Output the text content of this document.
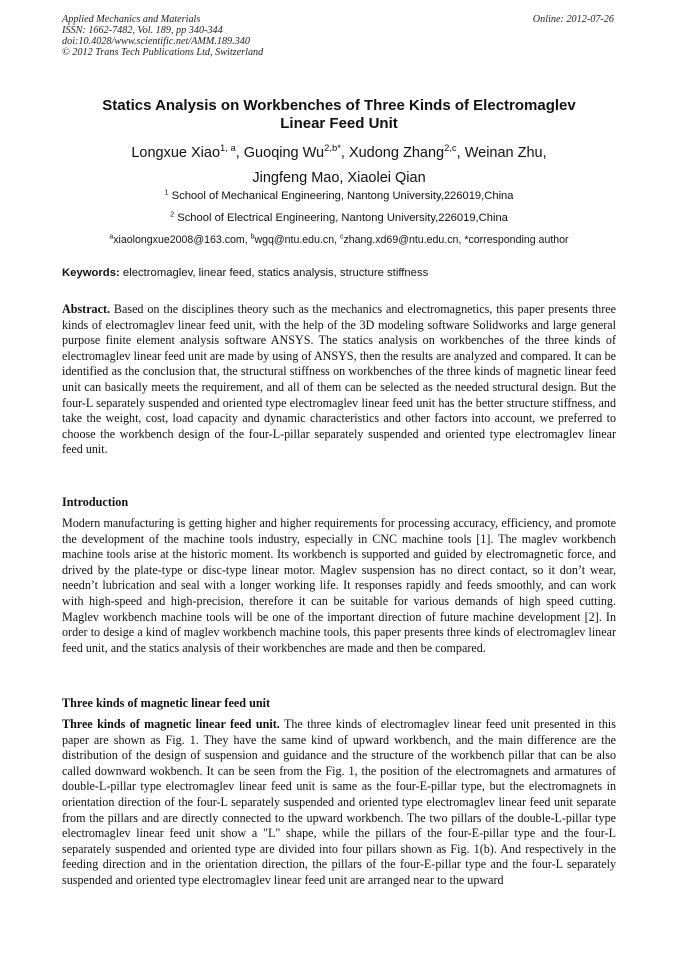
Applied Mechanics and Materials
ISSN: 1662-7482, Vol. 189, pp 340-344
doi:10.4028/www.scientific.net/AMM.189.340
© 2012 Trans Tech Publications Ltd, Switzerland
Online: 2012-07-26
Statics Analysis on Workbenches of Three Kinds of Electromaglev
Linear Feed Unit
Longxue Xiao$^{1, a}$, Guoqing $Wu^{2,b*}$, Xudong Zhang$^{2,c}$, Weinan Zhu,
Jingfeng Mao, Xiaolei Qian
$^1$ School of Mechanical Engineering, Nantong University,226019,China
$^2$ School of Electrical Engineering, Nantong University,226019,China
$^a$xiaolongxue2008@163.com, $^b$wgq@ntu.edu.cn, $^c$zhang.xd69@ntu.edu.cn, *corresponding author
Keywords: electromaglev, linear feed, statics analysis, structure stiffness
Abstract. Based on the disciplines theory such as the mechanics and electromagnetics, this paper presents three kinds of electromaglev linear feed unit, with the help of the 3D modeling software Solidworks and large general purpose finite element analysis software ANSYS. The statics analysis on workbenches of the three kinds of electromaglev linear feed unit are made by using of ANSYS, then the results are analyzed and compared. It can be identified as the conclusion that, the structural stiffness on workbenches of the three kinds of magnetic linear feed unit can basically meets the requirement, and all of them can be selected as the needed structural design. But the four-L separately suspended and oriented type electromaglev linear feed unit has the better structure stiffness, and take the weight, cost, load capacity and dynamic characteristics and other factors into account, we preferred to choose the workbench design of the four-L-pillar separately suspended and oriented type electromaglev linear feed unit.
Introduction
Modern manufacturing is getting higher and higher requirements for processing accuracy, efficiency, and promote the development of the machine tools industry, especially in CNC machine tools [1]. The maglev workbench machine tools arise at the historic moment. Its workbench is supported and guided by electromagnetic force, and drived by the plate-type or disc-type linear motor. Maglev suspension has no direct contact, so it don’t wear, needn’t lubrication and seal with a longer working life. It responses rapidly and feeds smoothly, and can work with high-speed and high-precision, therefore it can be suitable for various demands of high speed cutting. Maglev workbench machine tools will be one of the important direction of future machine development [2]. In order to desige a kind of maglev workbench machine tools, this paper presents three kinds of electromaglev linear feed unit, and the statics analysis of their workbenches are made and then be compared.
Three kinds of magnetic linear feed unit
Three kinds of magnetic linear feed unit. The three kinds of electromaglev linear feed unit presented in this paper are shown as Fig. 1. They have the same kind of upward workbench, and the main difference are the distribution of the design of suspension and guidance and the structure of the workbench pillar that can be also called downward wokbench. It can be seen from the Fig. 1, the position of the electromagnets and armatures of double-L-pillar type electromaglev linear feed unit is same as the four-E-pillar type, but the electromagnets in orientation direction of the four-L separately suspended and oriented type electromaglev linear feed unit separate from the pillars and are directly connected to the upward workbench. The two pillars of the double-L-pillar type electromaglev linear feed unit show a "L" shape, while the pillars of the four-E-pillar type and the four-L separately suspended and oriented type are divided into four pillars shown as Fig. 1(b). And respectively in the feeding direction and in the orientation direction, the pillars of the four-E-pillar type and the four-L separately suspended and oriented type electromaglev linear feed unit are arranged near to the upward
